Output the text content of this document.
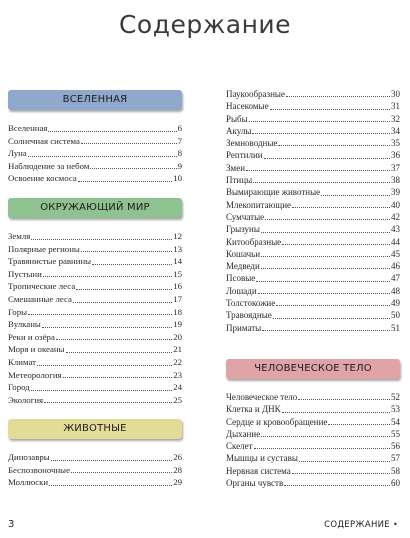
Содержание
ВСЕЛЕННАЯ
Вселенная	6
Солнечная система	7
Луна	8
Наблюдение за небом	9
Освоение космоса	10
ОКРУЖАЮЩИЙ МИР
Земля	12
Полярные регионы	13
Травянистые равнины	14
Пустыни	15
Тропические леса	16
Смешанные леса	17
Горы	18
Вулканы	19
Реки и озёра	20
Моря и океаны	21
Климат	22
Метеорология	23
Город	24
Экология	25
ЖИВОТНЫЕ
Динозавры	26
Беспозвоночные	28
Моллюски	29
Паукообразные	30
Насекомые	31
Рыбы	32
Акулы	34
Земноводные	35
Рептилии	36
Змеи	37
Птицы	38
Вымирающие животные	39
Млекопитающие	40
Сумчатые	42
Грызуны	43
Китообразные	44
Кошачьи	45
Медведи	46
Псовые	47
Лошади	48
Толстокожие	49
Травоядные	50
Приматы	51
ЧЕЛОВЕЧЕСКОЕ ТЕЛО
Человеческое тело	52
Клетка и ДНК	53
Сердце и кровообращение	54
Дыхание	55
Скелет	56
Мышцы и суставы	57
Нервная система	58
Органы чувств	60
3	СОДЕРЖАНИЕ •
